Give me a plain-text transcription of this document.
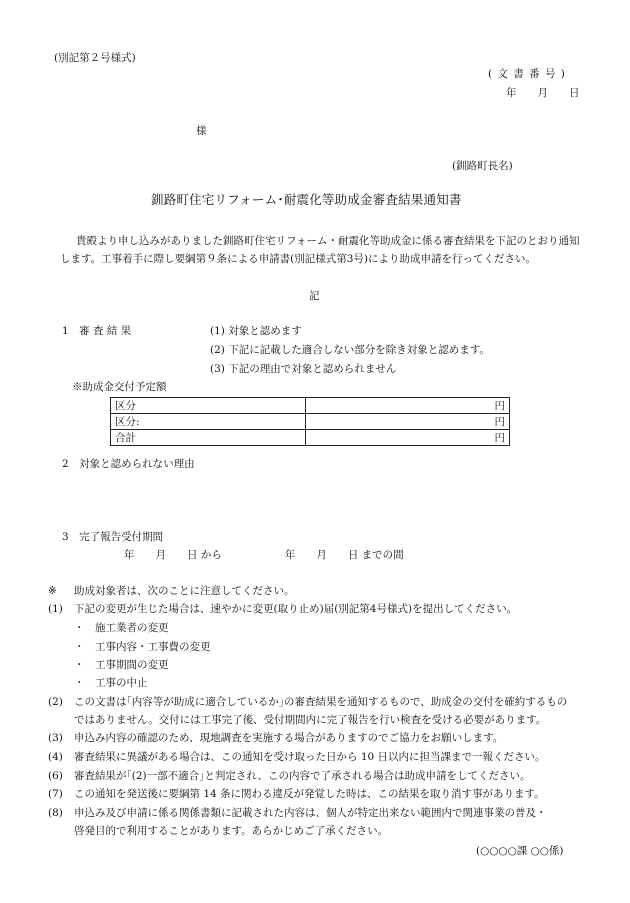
(別記第２号様式)
( 文 書 番 号 )
年　　月　　日
様
(釧路町長名)
釧路町住宅リフォーム･耐震化等助成金審査結果通知書
貴殿より申し込みがありました釧路町住宅リフォーム・耐震化等助成金に係る審査結果を下記のとおり通知
します。工事着手に際し要綱第９条による申請書(別記様式第3号)により助成申請を行ってください。
記
1　審 査 結 果	(1) 対象と認めます
(2) 下記に記載した適合しない部分を除き対象と認めます。
(3) 下記の理由で対象と認められません
※助成金交付予定額
区分	円
区分:	円
合計	円
2　対象と認められない理由
3　完了報告受付期間
年　　月　　日 から　　　　　　年　　月　　日 までの間
※ 助成対象者は、次のことに注意してください。
(1) 下記の変更が生じた場合は、速やかに変更(取り止め)届(別記第4号様式)を提出してください。
・　施工業者の変更
・　工事内容・工事費の変更
・　工事期間の変更
・　工事の中止
(2) この文書は｢内容等が助成に適合しているか｣の審査結果を通知するもので、助成金の交付を確約するもの
ではありません。交付には工事完了後、受付期間内に完了報告を行い検査を受ける必要があります。
(3) 申込み内容の確認のため、現地調査を実施する場合がありますのでご協力をお願いします。
(4) 審査結果に異議がある場合は、この通知を受け取った日から 10 日以内に担当課まで一報ください。
(6) 審査結果が｢(2)一部不適合｣と判定され、この内容で了承される場合は助成申請をしてください。
(7) この通知を発送後に要綱第 14 条に関わる違反が発覚した時は、この結果を取り消す事があります。
(8) 申込み及び申請に係る関係書類に記載された内容は、個人が特定出来ない範囲内で関連事業の普及・
啓発目的で利用することがあります。あらかじめご了承ください。
(○○○○課 ○○係)
